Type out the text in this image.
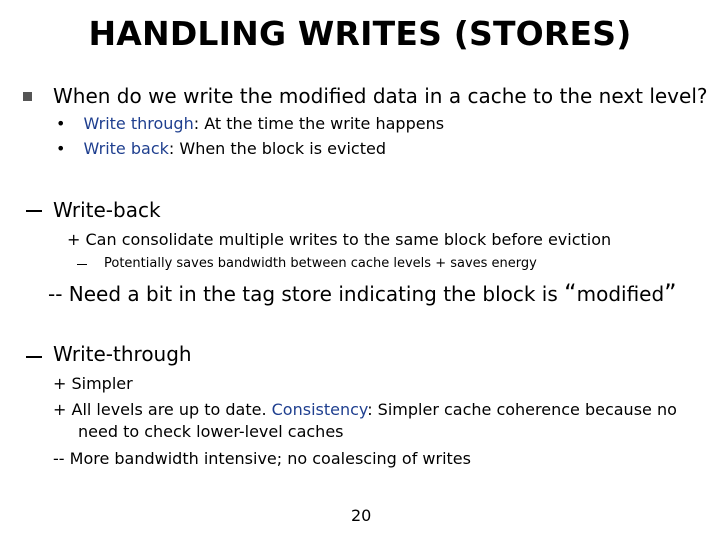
HANDLING WRITES (STORES)
When do we write the modified data in a cache to the next level?
• Write through: At the time the write happens
• Write back: When the block is evicted
Write-back
+ Can consolidate multiple writes to the same block before eviction
Potentially saves bandwidth between cache levels + saves energy
-- Need a bit in the tag store indicating the block is “modified”
Write-through
+ Simpler
+ All levels are up to date. Consistency: Simpler cache coherence because no
need to check lower-level caches
-- More bandwidth intensive; no coalescing of writes
20
